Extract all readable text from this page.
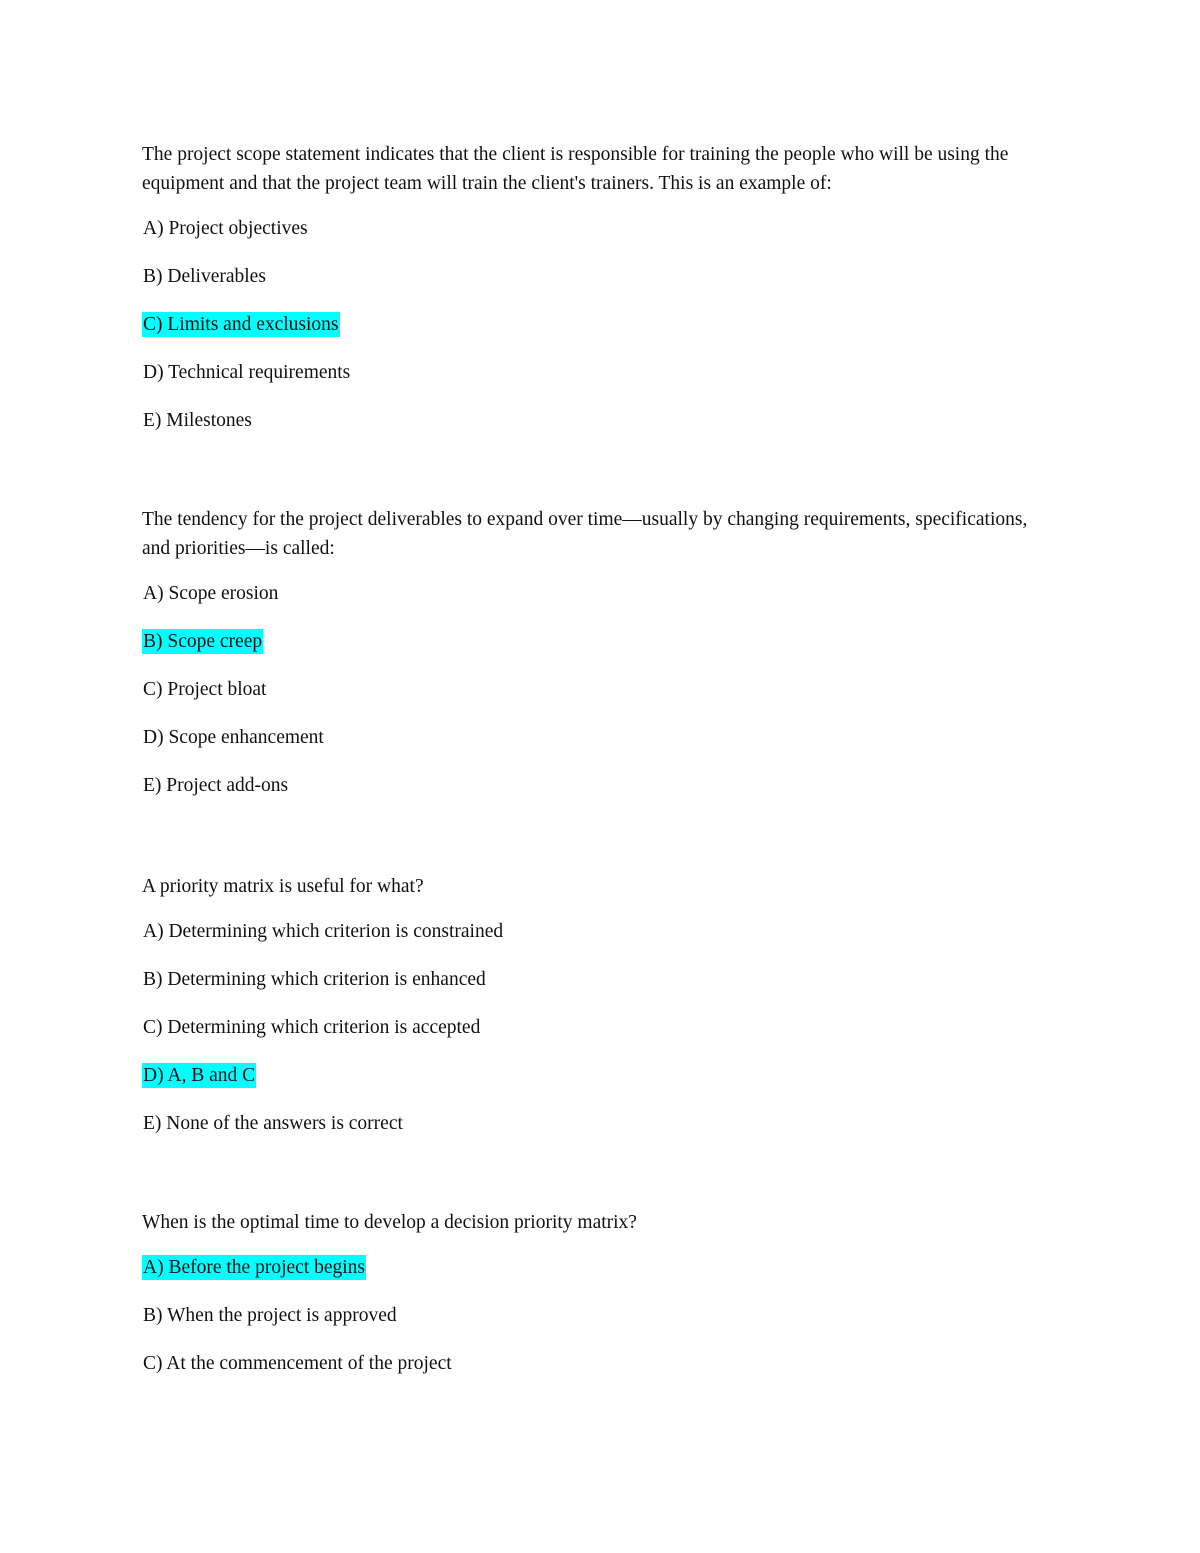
The project scope statement indicates that the client is responsible for training the people who will be using the equipment and that the project team will train the client's trainers. This is an example of:

A) Project objectives
B) Deliverables
C) Limits and exclusions
D) Technical requirements
E) Milestones

The tendency for the project deliverables to expand over time—usually by changing requirements, specifications, and priorities—is called:

A) Scope erosion
B) Scope creep
C) Project bloat
D) Scope enhancement
E) Project add-ons

A priority matrix is useful for what?

A) Determining which criterion is constrained
B) Determining which criterion is enhanced
C) Determining which criterion is accepted
D) A, B and C
E) None of the answers is correct

When is the optimal time to develop a decision priority matrix?

A) Before the project begins
B) When the project is approved
C) At the commencement of the project
